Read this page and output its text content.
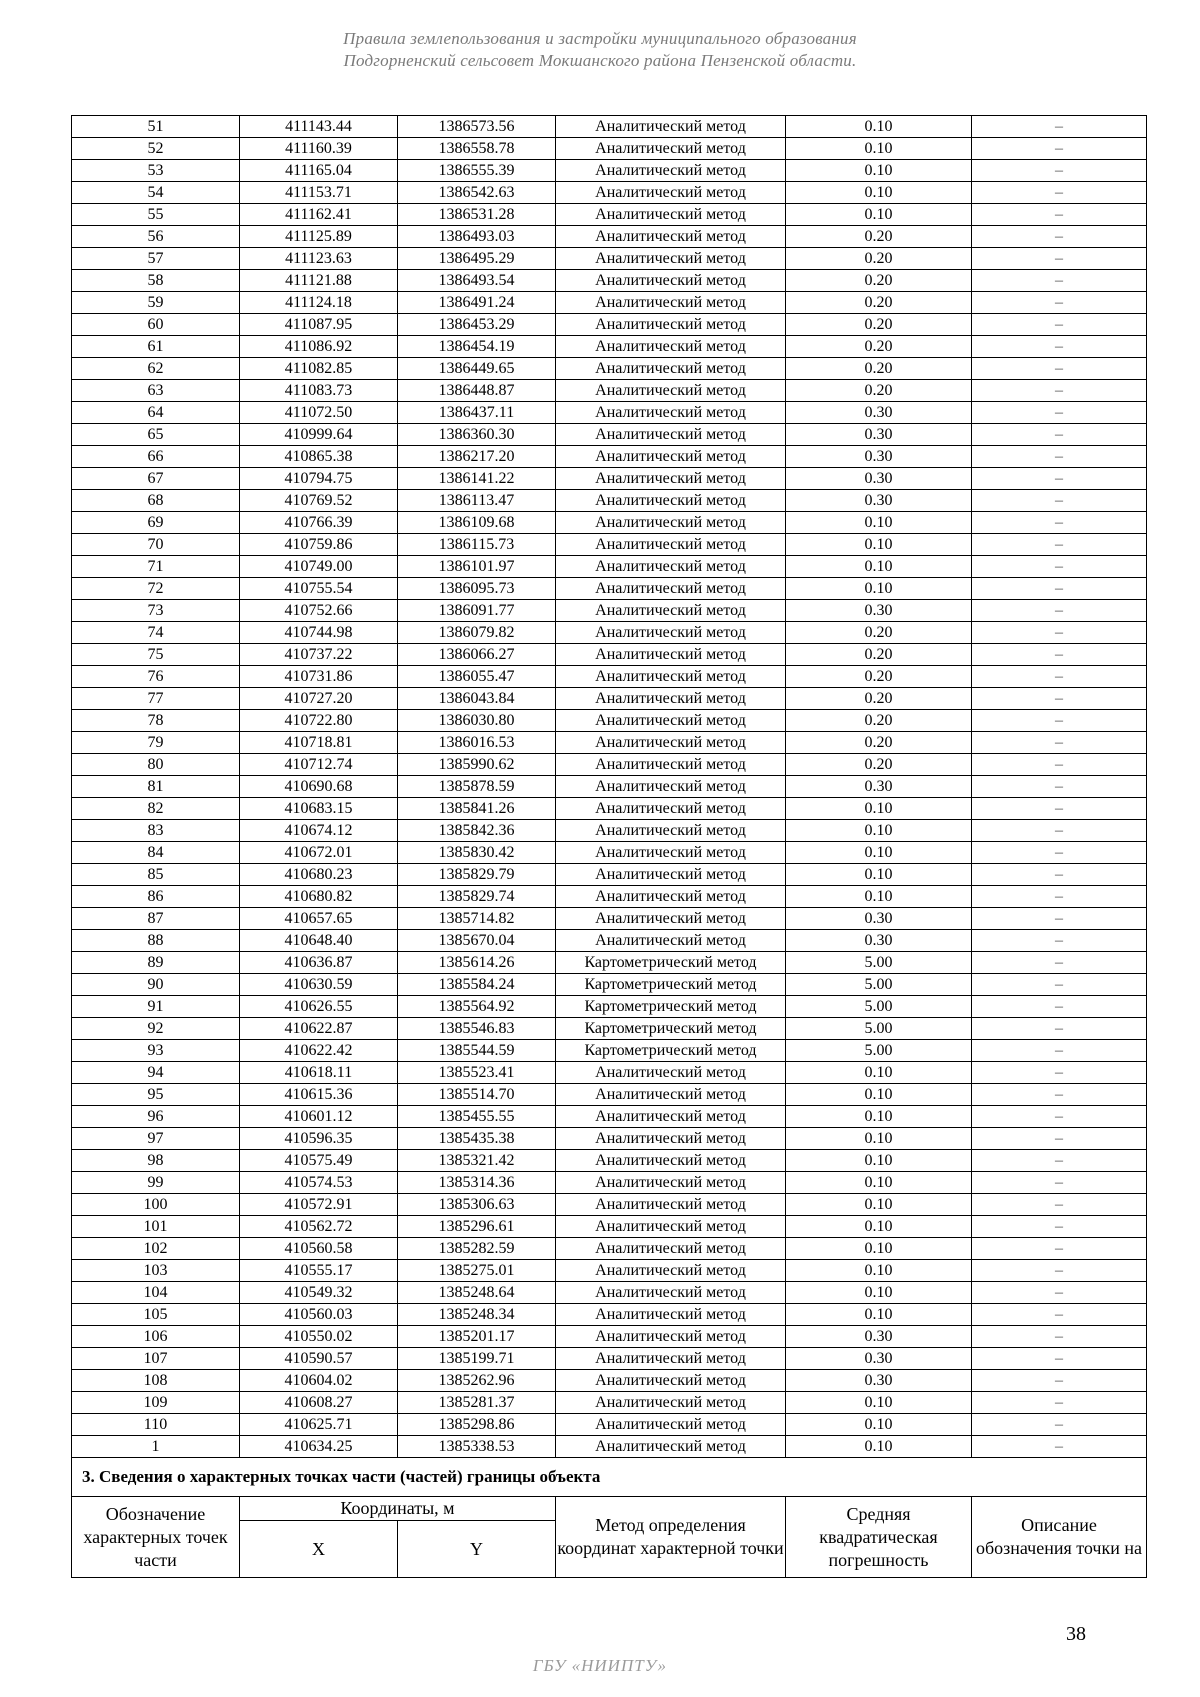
Правила землепользования и застройки муниципального образования
Подгорненский сельсовет Мокшанского района Пензенской области.
51	411143.44	1386573.56	Аналитический метод	0.10	–
52	411160.39	1386558.78	Аналитический метод	0.10	–
53	411165.04	1386555.39	Аналитический метод	0.10	–
54	411153.71	1386542.63	Аналитический метод	0.10	–
55	411162.41	1386531.28	Аналитический метод	0.10	–
56	411125.89	1386493.03	Аналитический метод	0.20	–
57	411123.63	1386495.29	Аналитический метод	0.20	–
58	411121.88	1386493.54	Аналитический метод	0.20	–
59	411124.18	1386491.24	Аналитический метод	0.20	–
60	411087.95	1386453.29	Аналитический метод	0.20	–
61	411086.92	1386454.19	Аналитический метод	0.20	–
62	411082.85	1386449.65	Аналитический метод	0.20	–
63	411083.73	1386448.87	Аналитический метод	0.20	–
64	411072.50	1386437.11	Аналитический метод	0.30	–
65	410999.64	1386360.30	Аналитический метод	0.30	–
66	410865.38	1386217.20	Аналитический метод	0.30	–
67	410794.75	1386141.22	Аналитический метод	0.30	–
68	410769.52	1386113.47	Аналитический метод	0.30	–
69	410766.39	1386109.68	Аналитический метод	0.10	–
70	410759.86	1386115.73	Аналитический метод	0.10	–
71	410749.00	1386101.97	Аналитический метод	0.10	–
72	410755.54	1386095.73	Аналитический метод	0.10	–
73	410752.66	1386091.77	Аналитический метод	0.30	–
74	410744.98	1386079.82	Аналитический метод	0.20	–
75	410737.22	1386066.27	Аналитический метод	0.20	–
76	410731.86	1386055.47	Аналитический метод	0.20	–
77	410727.20	1386043.84	Аналитический метод	0.20	–
78	410722.80	1386030.80	Аналитический метод	0.20	–
79	410718.81	1386016.53	Аналитический метод	0.20	–
80	410712.74	1385990.62	Аналитический метод	0.20	–
81	410690.68	1385878.59	Аналитический метод	0.30	–
82	410683.15	1385841.26	Аналитический метод	0.10	–
83	410674.12	1385842.36	Аналитический метод	0.10	–
84	410672.01	1385830.42	Аналитический метод	0.10	–
85	410680.23	1385829.79	Аналитический метод	0.10	–
86	410680.82	1385829.74	Аналитический метод	0.10	–
87	410657.65	1385714.82	Аналитический метод	0.30	–
88	410648.40	1385670.04	Аналитический метод	0.30	–
89	410636.87	1385614.26	Картометрический метод	5.00	–
90	410630.59	1385584.24	Картометрический метод	5.00	–
91	410626.55	1385564.92	Картометрический метод	5.00	–
92	410622.87	1385546.83	Картометрический метод	5.00	–
93	410622.42	1385544.59	Картометрический метод	5.00	–
94	410618.11	1385523.41	Аналитический метод	0.10	–
95	410615.36	1385514.70	Аналитический метод	0.10	–
96	410601.12	1385455.55	Аналитический метод	0.10	–
97	410596.35	1385435.38	Аналитический метод	0.10	–
98	410575.49	1385321.42	Аналитический метод	0.10	–
99	410574.53	1385314.36	Аналитический метод	0.10	–
100	410572.91	1385306.63	Аналитический метод	0.10	–
101	410562.72	1385296.61	Аналитический метод	0.10	–
102	410560.58	1385282.59	Аналитический метод	0.10	–
103	410555.17	1385275.01	Аналитический метод	0.10	–
104	410549.32	1385248.64	Аналитический метод	0.10	–
105	410560.03	1385248.34	Аналитический метод	0.10	–
106	410550.02	1385201.17	Аналитический метод	0.30	–
107	410590.57	1385199.71	Аналитический метод	0.30	–
108	410604.02	1385262.96	Аналитический метод	0.30	–
109	410608.27	1385281.37	Аналитический метод	0.10	–
110	410625.71	1385298.86	Аналитический метод	0.10	–
1	410634.25	1385338.53	Аналитический метод	0.10	–
3. Сведения о характерных точках части (частей) границы объекта					
Обозначение характерных точек части	Координаты, м		Метод определения координат характерной точки	Средняя квадратическая погрешность	Описание обозначения точки на
	X	Y			
38
ГБУ «НИИПТУ»
